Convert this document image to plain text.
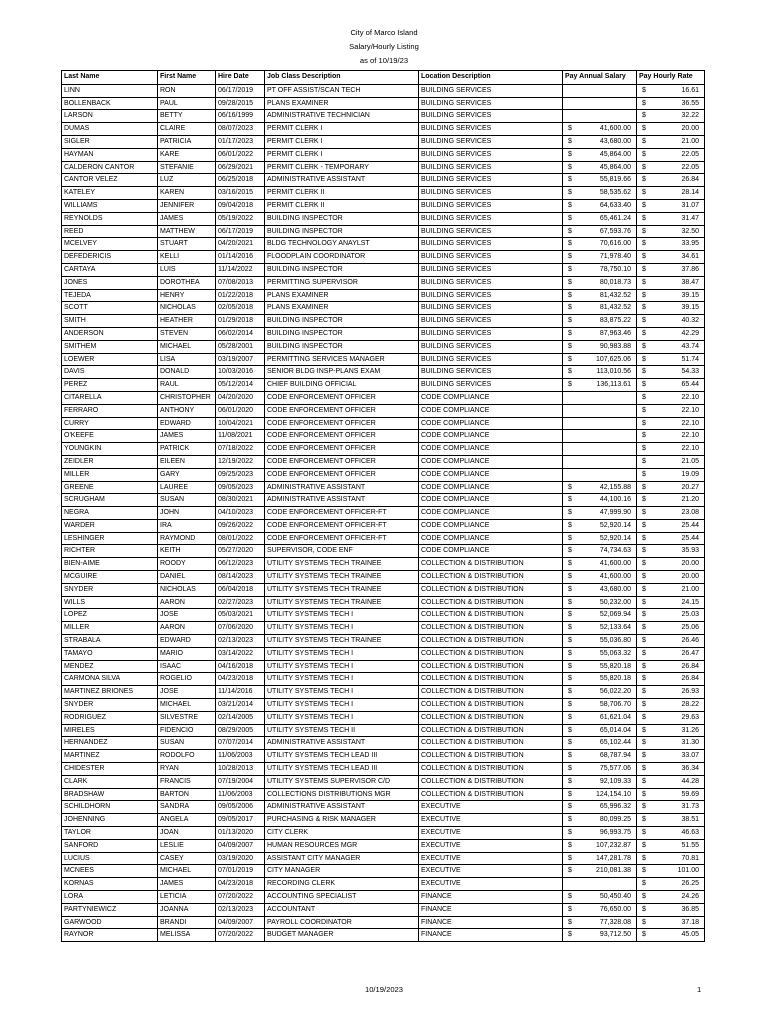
City of Marco Island
Salary/Hourly Listing
as of 10/19/23
Last Name	First Name	Hire Date	Job Class Description	Location Description	Pay Annual Salary	Pay Hourly Rate
LINN	RON	06/17/2019	PT OFF ASSIST/SCAN TECH	BUILDING SERVICES		$ 16.61

BOLLENBACK	PAUL	09/28/2015	PLANS EXAMINER	BUILDING SERVICES		$ 36.55

LARSON	BETTY	06/16/1999	ADMINISTRATIVE TECHNICIAN	BUILDING SERVICES		$ 32.22

DUMAS	CLAIRE	08/07/2023	PERMIT CLERK I	BUILDING SERVICES	$ 41,600.00	$ 20.00

SIGLER	PATRICIA	01/17/2023	PERMIT CLERK I	BUILDING SERVICES	$ 43,680.00	$ 21.00

HAYMAN	KARE	06/01/2022	PERMIT CLERK I	BUILDING SERVICES	$ 45,864.00	$ 22.05

CALDERON CANTOR	STEFANIE	06/29/2021	PERMIT CLERK - TEMPORARY	BUILDING SERVICES	$ 45,864.00	$ 22.05

CANTOR VELEZ	LUZ	06/25/2018	ADMINISTRATIVE ASSISTANT	BUILDING SERVICES	$ 55,819.66	$ 26.84

KATELEY	KAREN	03/16/2015	PERMIT CLERK II	BUILDING SERVICES	$ 58,535.62	$ 28.14

WILLIAMS	JENNIFER	09/04/2018	PERMIT CLERK II	BUILDING SERVICES	$ 64,633.40	$ 31.07

REYNOLDS	JAMES	05/19/2022	BUILDING INSPECTOR	BUILDING SERVICES	$ 65,461.24	$ 31.47

REED	MATTHEW	06/17/2019	BUILDING INSPECTOR	BUILDING SERVICES	$ 67,593.76	$ 32.50

MCELVEY	STUART	04/20/2021	BLDG TECHNOLOGY ANAYLST	BUILDING SERVICES	$ 70,616.00	$ 33.95

DEFEDERICIS	KELLI	01/14/2016	FLOODPLAIN COORDINATOR	BUILDING SERVICES	$ 71,978.40	$ 34.61

CARTAYA	LUIS	11/14/2022	BUILDING INSPECTOR	BUILDING SERVICES	$ 78,750.10	$ 37.86

JONES	DOROTHEA	07/08/2013	PERMITTING SUPERVISOR	BUILDING SERVICES	$ 80,018.73	$ 38.47

TEJEDA	HENRY	01/22/2018	PLANS EXAMINER	BUILDING SERVICES	$ 81,432.52	$ 39.15

SCOTT	NICHOLAS	02/05/2018	PLANS EXAMINER	BUILDING SERVICES	$ 81,432.52	$ 39.15

SMITH	HEATHER	01/29/2018	BUILDING INSPECTOR	BUILDING SERVICES	$ 83,875.22	$ 40.32

ANDERSON	STEVEN	06/02/2014	BUILDING INSPECTOR	BUILDING SERVICES	$ 87,963.46	$ 42.29

SMITHEM	MICHAEL	05/28/2001	BUILDING INSPECTOR	BUILDING SERVICES	$ 90,983.88	$ 43.74

LOEWER	LISA	03/19/2007	PERMITTING SERVICES MANAGER	BUILDING SERVICES	$ 107,625.06	$ 51.74

DAVIS	DONALD	10/03/2016	SENIOR BLDG INSP-PLANS EXAM	BUILDING SERVICES	$ 113,010.56	$ 54.33

PEREZ	RAUL	05/12/2014	CHIEF BUILDING OFFICIAL	BUILDING SERVICES	$ 136,113.61	$ 65.44

CITARELLA	CHRISTOPHER	04/20/2020	CODE ENFORCEMENT OFFICER	CODE COMPLIANCE		$ 22.10

FERRARO	ANTHONY	06/01/2020	CODE ENFORCEMENT OFFICER	CODE COMPLIANCE		$ 22.10

CURRY	EDWARD	10/04/2021	CODE ENFORCEMENT OFFICER	CODE COMPLIANCE		$ 22.10

O'KEEFE	JAMES	11/08/2021	CODE ENFORCEMENT OFFICER	CODE COMPLIANCE		$ 22.10

YOUNGKIN	PATRICK	07/18/2022	CODE ENFORCEMENT OFFICER	CODE COMPLIANCE		$ 22.10

ZEIDLER	EILEEN	12/19/2022	CODE ENFORCEMENT OFFICER	CODE COMPLIANCE		$ 21.05

MILLER	GARY	09/25/2023	CODE ENFORCEMENT OFFICER	CODE COMPLIANCE		$ 19.09

GREENE	LAUREE	09/05/2023	ADMINISTRATIVE ASSISTANT	CODE COMPLIANCE	$ 42,155.88	$ 20.27

SCRUGHAM	SUSAN	08/30/2021	ADMINISTRATIVE ASSISTANT	CODE COMPLIANCE	$ 44,100.16	$ 21.20

NEGRA	JOHN	04/10/2023	CODE ENFORCEMENT OFFICER-FT	CODE COMPLIANCE	$ 47,999.90	$ 23.08

WARDER	IRA	09/26/2022	CODE ENFORCEMENT OFFICER-FT	CODE COMPLIANCE	$ 52,920.14	$ 25.44

LESHINGER	RAYMOND	08/01/2022	CODE ENFORCEMENT OFFICER-FT	CODE COMPLIANCE	$ 52,920.14	$ 25.44

RICHTER	KEITH	05/27/2020	SUPERVISOR, CODE ENF	CODE COMPLIANCE	$ 74,734.63	$ 35.93

BIEN-AIME	ROODY	06/12/2023	UTILITY SYSTEMS TECH TRAINEE	COLLECTION & DISTRIBUTION	$ 41,600.00	$ 20.00

MCGUIRE	DANIEL	08/14/2023	UTILITY SYSTEMS TECH TRAINEE	COLLECTION & DISTRIBUTION	$ 41,600.00	$ 20.00

SNYDER	NICHOLAS	06/04/2018	UTILITY SYSTEMS TECH TRAINEE	COLLECTION & DISTRIBUTION	$ 43,680.00	$ 21.00

WILLS	AARON	02/27/2023	UTILITY SYSTEMS TECH TRAINEE	COLLECTION & DISTRIBUTION	$ 50,232.00	$ 24.15

LOPEZ	JOSE	05/03/2021	UTILITY SYSTEMS TECH I	COLLECTION & DISTRIBUTION	$ 52,069.94	$ 25.03

MILLER	AARON	07/06/2020	UTILITY SYSTEMS TECH I	COLLECTION & DISTRIBUTION	$ 52,133.64	$ 25.06

STRABALA	EDWARD	02/13/2023	UTILITY SYSTEMS TECH TRAINEE	COLLECTION & DISTRIBUTION	$ 55,036.80	$ 26.46

TAMAYO	MARIO	03/14/2022	UTILITY SYSTEMS TECH I	COLLECTION & DISTRIBUTION	$ 55,063.32	$ 26.47

MENDEZ	ISAAC	04/16/2018	UTILITY SYSTEMS TECH I	COLLECTION & DISTRIBUTION	$ 55,820.18	$ 26.84

CARMONA SILVA	ROGELIO	04/23/2018	UTILITY SYSTEMS TECH I	COLLECTION & DISTRIBUTION	$ 55,820.18	$ 26.84

MARTINEZ BRIONES	JOSE	11/14/2016	UTILITY SYSTEMS TECH I	COLLECTION & DISTRIBUTION	$ 56,022.20	$ 26.93

SNYDER	MICHAEL	03/21/2014	UTILITY SYSTEMS TECH I	COLLECTION & DISTRIBUTION	$ 58,706.70	$ 28.22

RODRIGUEZ	SILVESTRE	02/14/2005	UTILITY SYSTEMS TECH I	COLLECTION & DISTRIBUTION	$ 61,621.04	$ 29.63

MIRELES	FIDENCIO	08/29/2005	UTILITY SYSTEMS TECH II	COLLECTION & DISTRIBUTION	$ 65,014.04	$ 31.26

HERNANDEZ	SUSAN	07/07/2014	ADMINISTRATIVE ASSISTANT	COLLECTION & DISTRIBUTION	$ 65,102.44	$ 31.30

MARTINEZ	RODOLFO	11/06/2003	UTILITY SYSTEMS TECH LEAD III	COLLECTION & DISTRIBUTION	$ 68,787.94	$ 33.07

CHIDESTER	RYAN	10/28/2013	UTILITY SYSTEMS TECH LEAD III	COLLECTION & DISTRIBUTION	$ 75,577.06	$ 36.34

CLARK	FRANCIS	07/19/2004	UTILITY SYSTEMS SUPERVISOR C/D	COLLECTION & DISTRIBUTION	$ 92,109.33	$ 44.28

BRADSHAW	BARTON	11/06/2003	COLLECTIONS DISTRIBUTIONS MGR	COLLECTION & DISTRIBUTION	$ 124,154.10	$ 59.69

SCHILDHORN	SANDRA	09/05/2006	ADMINISTRATIVE ASSISTANT	EXECUTIVE	$ 65,996.32	$ 31.73

JOHENNING	ANGELA	09/05/2017	PURCHASING & RISK MANAGER	EXECUTIVE	$ 80,099.25	$ 38.51

TAYLOR	JOAN	01/13/2020	CITY CLERK	EXECUTIVE	$ 96,993.75	$ 46.63

SANFORD	LESLIE	04/09/2007	HUMAN RESOURCES MGR	EXECUTIVE	$ 107,232.87	$ 51.55

LUCIUS	CASEY	03/19/2020	ASSISTANT CITY MANAGER	EXECUTIVE	$ 147,281.78	$ 70.81

MCNEES	MICHAEL	07/01/2019	CITY MANAGER	EXECUTIVE	$ 210,081.38	$ 101.00

KORNAS	JAMES	04/23/2018	RECORDING CLERK	EXECUTIVE		$ 26.25

LORA	LETICIA	07/20/2022	ACCOUNTING SPECIALIST	FINANCE	$ 50,450.40	$ 24.26

PARTYNIEWICZ	JOANNA	02/13/2023	ACCOUNTANT	FINANCE	$ 76,650.00	$ 36.85

GARWOOD	BRANDI	04/09/2007	PAYROLL COORDINATOR	FINANCE	$ 77,328.08	$ 37.18

RAYNOR	MELISSA	07/20/2022	BUDGET MANAGER	FINANCE	$ 93,712.50	$ 45.05
10/19/2023	1
